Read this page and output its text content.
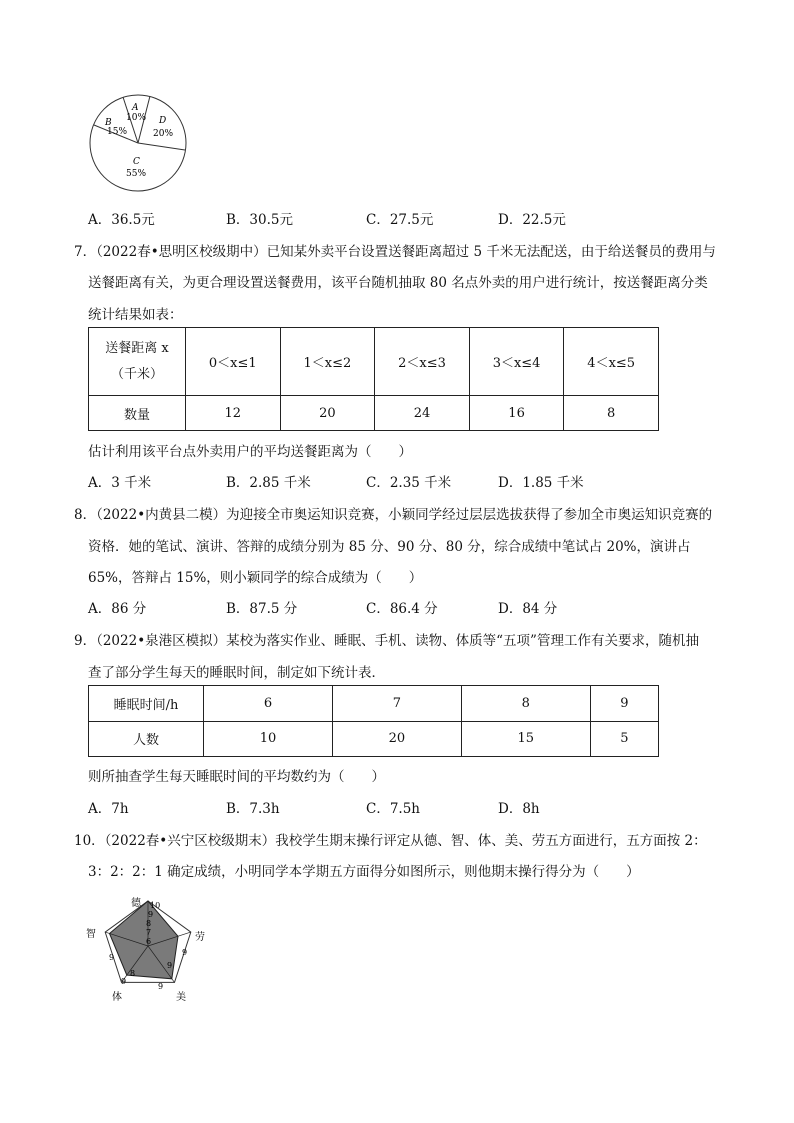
A
10%
B
15%
C
55%
D
20%
A．36.5元	B．30.5元	C．27.5元	D．22.5元
7．（2022春•思明区校级期中）已知某外卖平台设置送餐距离超过 5 千米无法配送，由于给送餐员的费用与
送餐距离有关，为更合理设置送餐费用，该平台随机抽取 80 名点外卖的用户进行统计，按送餐距离分类
统计结果如表：
送餐距离 x
（千米）	0＜x≤1	1＜x≤2	2＜x≤3	3＜x≤4	4＜x≤5
数量	12	20	24	16	8
估计利用该平台点外卖用户的平均送餐距离为（　　）
A．3 千米	B．2.85 千米	C．2.35 千米	D．1.85 千米
8．（2022•内黄县二模）为迎接全市奥运知识竞赛，小颖同学经过层层选拔获得了参加全市奥运知识竞赛的
资格．她的笔试、演讲、答辩的成绩分别为 85 分、90 分、80 分，综合成绩中笔试占 20%，演讲占
65%，答辩占 15%，则小颖同学的综合成绩为（　　）
A．86 分	B．87.5 分	C．86.4 分	D．84 分
9．（2022•泉港区模拟）某校为落实作业、睡眠、手机、读物、体质等“五项”管理工作有关要求，随机抽
查了部分学生每天的睡眠时间，制定如下统计表．
睡眠时间/h	6	7	8	9
人数	10	20	15	5
则所抽查学生每天睡眠时间的平均数约为（　　）
A．7h	B．7.3h	C．7.5h	D．8h
10．（2022春•兴宁区校级期末）我校学生期末操行评定从德、智、体、美、劳五方面进行，五方面按 2：
3：2：2：1 确定成绩，小明同学本学期五方面得分如图所示，则他期末操行得分为（　　）
德
劳
美
体
智
10
9
8
7
6
9
9
9
9
8
9
